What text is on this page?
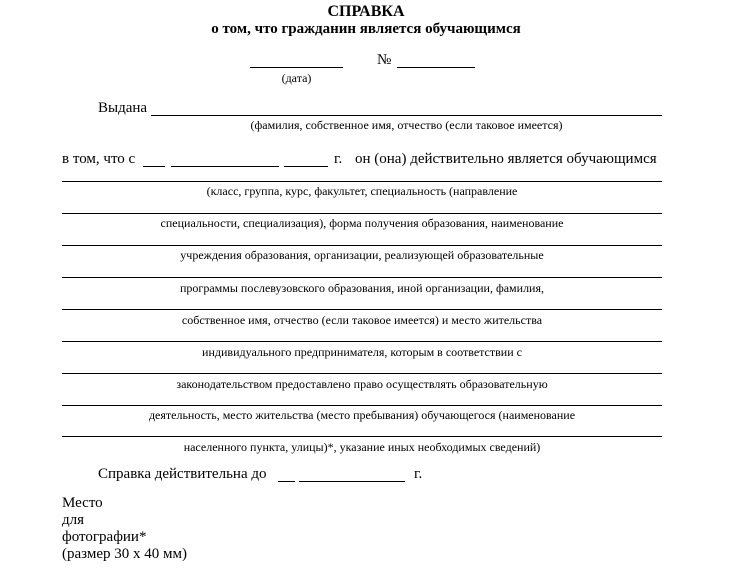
СПРАВКА
о том, что гражданин является обучающимся
(дата)
№
Выдана
(фамилия, собственное имя, отчество (если таковое имеется)
в том, что с	г. он (она) действительно является обучающимся
(класс, группа, курс, факультет, специальность (направление
специальности, специализация), форма получения образования, наименование
учреждения образования, организации, реализующей образовательные
программы послевузовского образования, иной организации, фамилия,
собственное имя, отчество (если таковое имеется) и место жительства
индивидуального предпринимателя, которым в соответствии с
законодательством предоставлено право осуществлять образовательную
деятельность, место жительства (место пребывания) обучающегося (наименование
населенного пункта, улицы)*, указание иных необходимых сведений)
Справка действительна до	г.
Место
для
фотографии*
(размер 30 х 40 мм)
